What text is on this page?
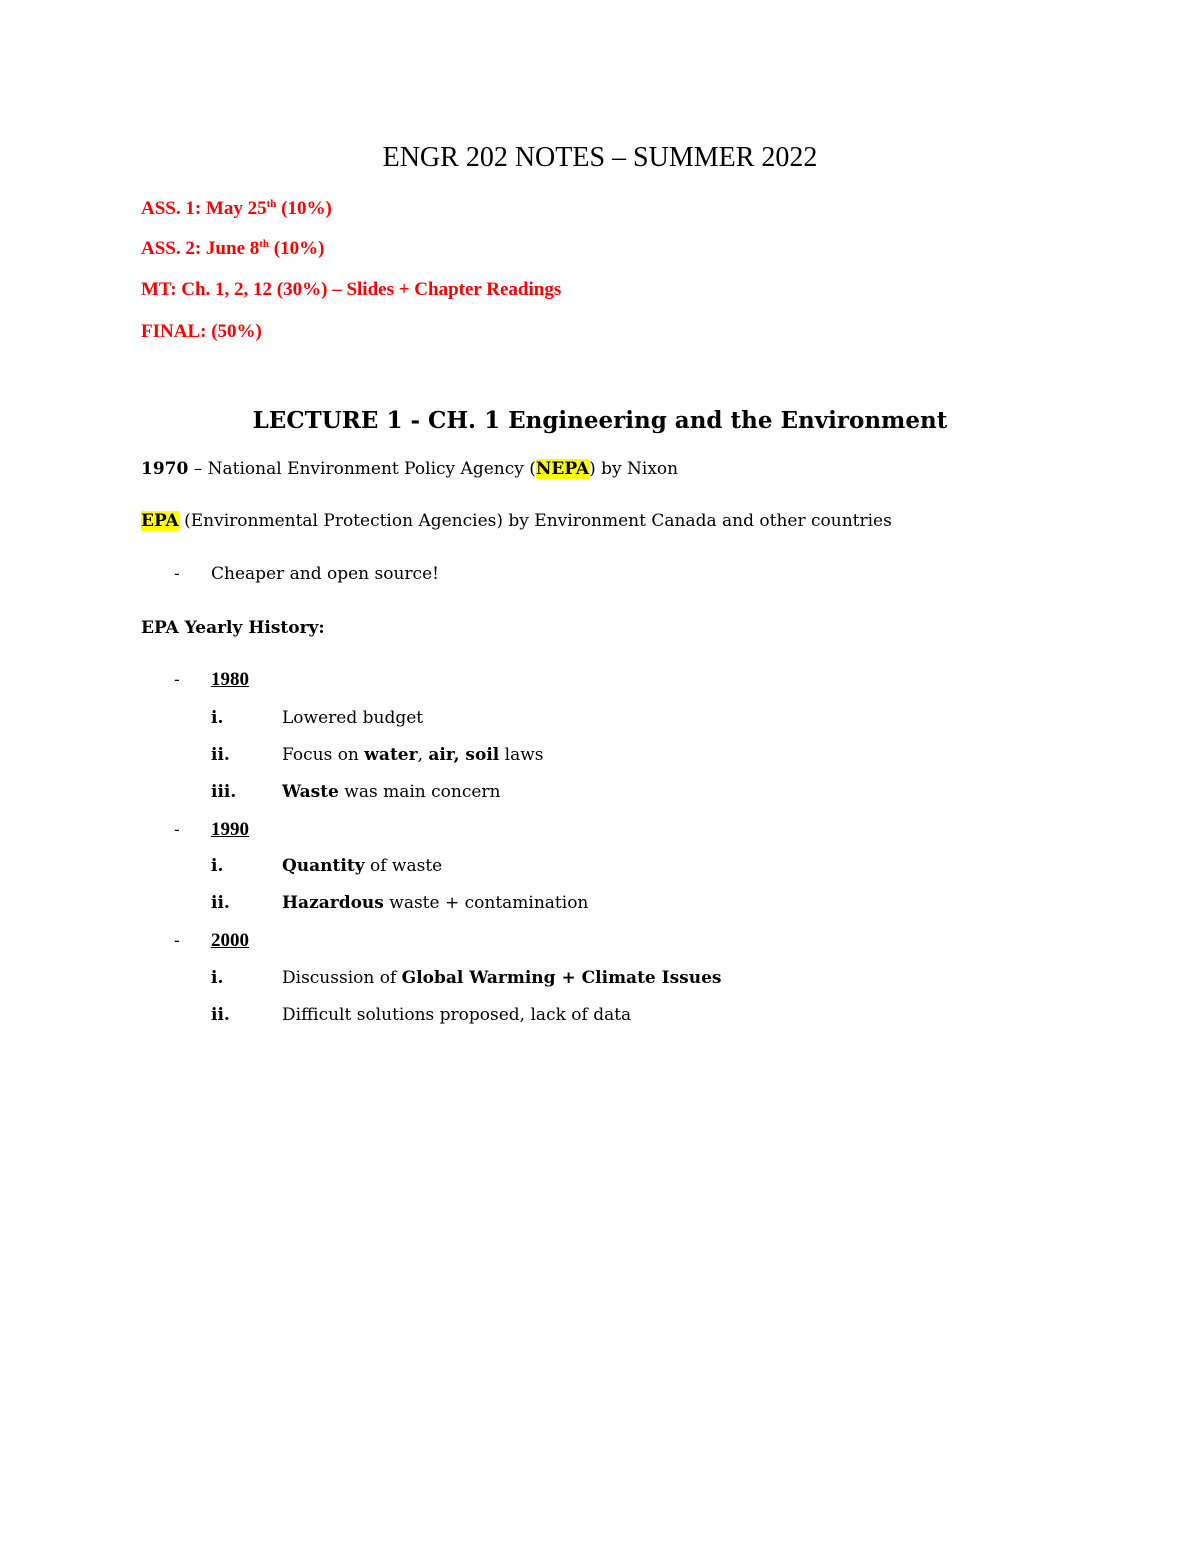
ENGR 202 NOTES – SUMMER 2022
ASS. 1: May 25th (10%)
ASS. 2: June 8th (10%)
MT: Ch. 1, 2, 12 (30%) – Slides + Chapter Readings
FINAL: (50%)
LECTURE 1 - CH. 1 Engineering and the Environment
1970 – National Environment Policy Agency (NEPA) by Nixon
EPA (Environmental Protection Agencies) by Environment Canada and other countries
- Cheaper and open source!
EPA Yearly History:
- 1980
i.	Lowered budget
ii.	Focus on water, air, soil laws
iii.	Waste was main concern
- 1990
i.	Quantity of waste
ii.	Hazardous waste + contamination
- 2000
i.	Discussion of Global Warming + Climate Issues
ii.	Difficult solutions proposed, lack of data
